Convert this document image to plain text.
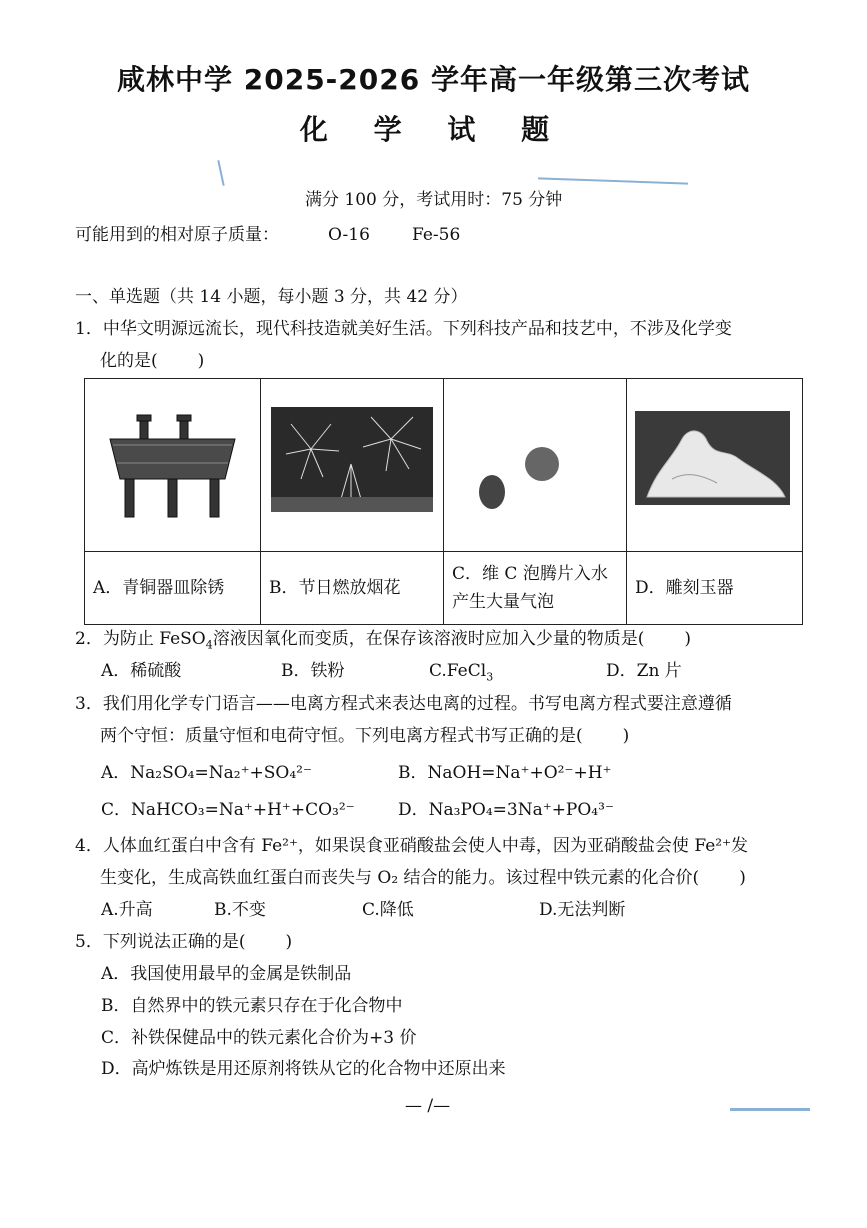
咸林中学 2025-2026 学年高一年级第三次考试
化 学 试 题
满分 100 分，考试用时：75 分钟
可能用到的相对原子质量：	O-16 Fe-56
一、单选题（共 14 小题，每小题 3 分，共 42 分）
1．中华文明源远流长，现代科技造就美好生活。下列科技产品和技艺中，不涉及化学变
化的是( )

A．青铜器皿除锈	B．节日燃放烟花	C．维 C 泡腾片入水产生大量气泡	D．雕刻玉器
2．为防止 FeSO$_4$溶液因氧化而变质，在保存该溶液时应加入少量的物质是( )
A．稀硫酸	B．铁粉	C.FeCl$_3$	D．Zn 片
3．我们用化学专门语言——电离方程式来表达电离的过程。书写电离方程式要注意遵循
两个守恒：质量守恒和电荷守恒。下列电离方程式书写正确的是( )
A．Na₂SO₄=Na₂⁺+SO₄²⁻	B．NaOH=Na⁺+O²⁻+H⁺
C．NaHCO₃=Na⁺+H⁺+CO₃²⁻	D．Na₃PO₄=3Na⁺+PO₄³⁻
4．人体血红蛋白中含有 Fe²⁺，如果误食亚硝酸盐会使人中毒，因为亚硝酸盐会使 Fe²⁺发
生变化，生成高铁血红蛋白而丧失与 O₂ 结合的能力。该过程中铁元素的化合价( )
A.升高	B.不变	C.降低	D.无法判断
5．下列说法正确的是( )
A．我国使用最早的金属是铁制品
B．自然界中的铁元素只存在于化合物中
C．补铁保健品中的铁元素化合价为+3 价
D．高炉炼铁是用还原剂将铁从它的化合物中还原出来
— /—
